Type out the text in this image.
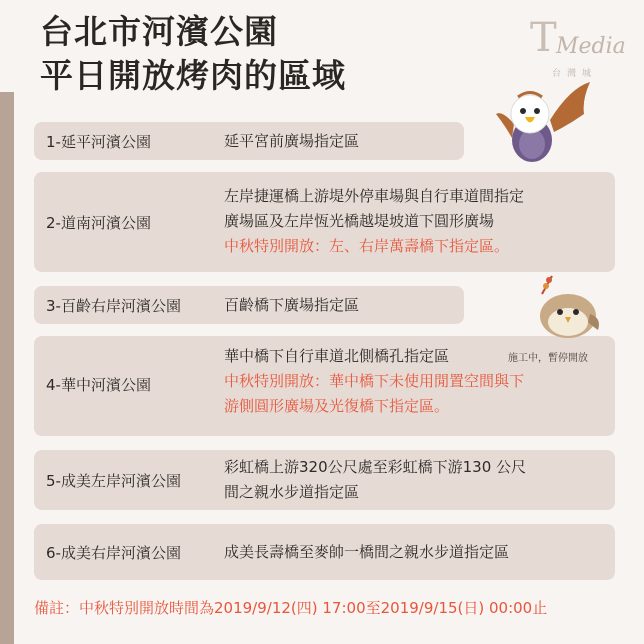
台北市河濱公園
平日開放烤肉的區域
T Media
台灣城
1-延平河濱公園	延平宮前廣場指定區
2-道南河濱公園
左岸捷運橋上游堤外停車場與自行車道間指定
廣場區及左岸恆光橋越堤坡道下圓形廣場
中秋特別開放：左、右岸萬壽橋下指定區。
3-百齡右岸河濱公園	百齡橋下廣場指定區
4-華中河濱公園
華中橋下自行車道北側橋孔指定區
中秋特別開放：華中橋下未使用閒置空間與下
游側圓形廣場及光復橋下指定區。
施工中，暫停開放
5-成美左岸河濱公園
彩虹橋上游320公尺處至彩虹橋下游130 公尺
間之親水步道指定區
6-成美右岸河濱公園	成美長壽橋至麥帥一橋間之親水步道指定區
備註：中秋特別開放時間為2019/9/12(四) 17:00至2019/9/15(日) 00:00止
